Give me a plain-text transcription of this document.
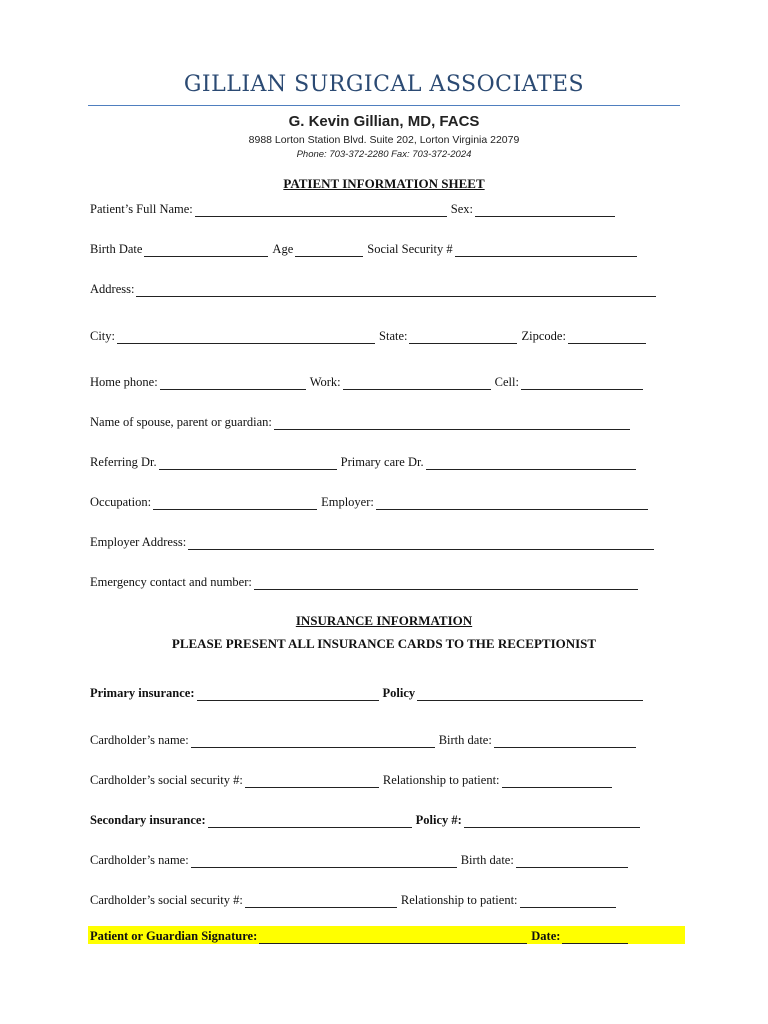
GILLIAN SURGICAL ASSOCIATES
G. Kevin Gillian, MD, FACS
8988 Lorton Station Blvd. Suite 202, Lorton Virginia 22079
Phone: 703-372-2280 Fax: 703-372-2024
PATIENT INFORMATION SHEET
Patient’s Full Name:	Sex:
Birth Date	Age	Social Security #
Address:
City:	State:	Zipcode:
Home phone:	Work:	Cell:
Name of spouse, parent or guardian:
Referring Dr.	Primary care Dr.
Occupation:	Employer:
Employer Address:
Emergency contact and number:
INSURANCE INFORMATION
PLEASE PRESENT ALL INSURANCE CARDS TO THE RECEPTIONIST
Primary insurance:	Policy
Cardholder’s name:	Birth date:
Cardholder’s social security #:	Relationship to patient:
Secondary insurance:	Policy #:
Cardholder’s name:	Birth date:
Cardholder’s social security #:	Relationship to patient:
Patient or Guardian Signature:	Date:
